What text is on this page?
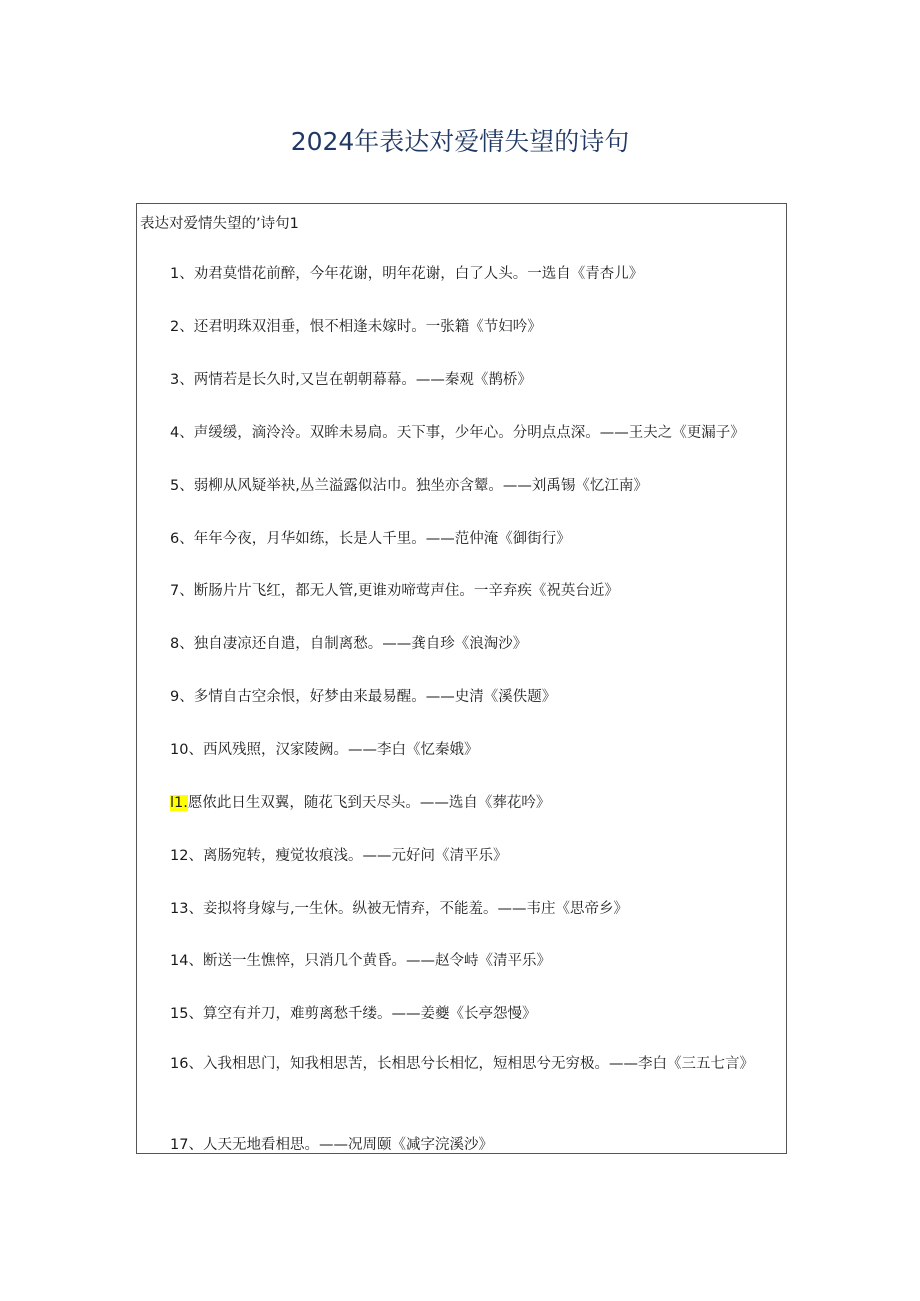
2024年表达对爱情失望的诗句
表达对爱情失望的’诗句1
1、劝君莫惜花前醉，今年花谢，明年花谢，白了人头。一选自《青杏儿》
2、还君明珠双泪垂，恨不相逢未嫁时。一张籍《节妇吟》
3、两情若是长久时,又岂在朝朝幕幕。——秦观《鹊桥》
4、声缓缓，滴泠泠。双眸未易扃。天下事，少年心。分明点点深。——王夫之《更漏子》
5、弱柳从风疑举袂,丛兰溢露似沾巾。独坐亦含颦。——刘禹锡《忆江南》
6、年年今夜，月华如练，长是人千里。——范仲淹《御街行》
7、断肠片片飞红，都无人管,更谁劝啼莺声住。一辛弃疾《祝英台近》
8、独自凄凉还自遣，自制离愁。——龚自珍《浪淘沙》
9、多情自古空余恨，好梦由来最易醒。——史清《溪佚题》
10、西风残照，汉家陵阙。——李白《忆秦娥》
l1.愿侬此日生双翼，随花飞到天尽头。——选自《葬花吟》
12、离肠宛转，瘦觉妆痕浅。——元好问《清平乐》
13、妾拟将身嫁与,一生休。纵被无情弃，不能羞。——韦庄《思帝乡》
14、断送一生憔悴，只消几个黄昏。——赵令峙《清平乐》
15、算空有并刀，难剪离愁千缕。——姜夔《长亭怨慢》
16、入我相思门，知我相思苦，长相思兮长相忆，短相思兮无穷极。——李白《三五七言》
17、人天无地看相思。——况周颐《减字浣溪沙》
